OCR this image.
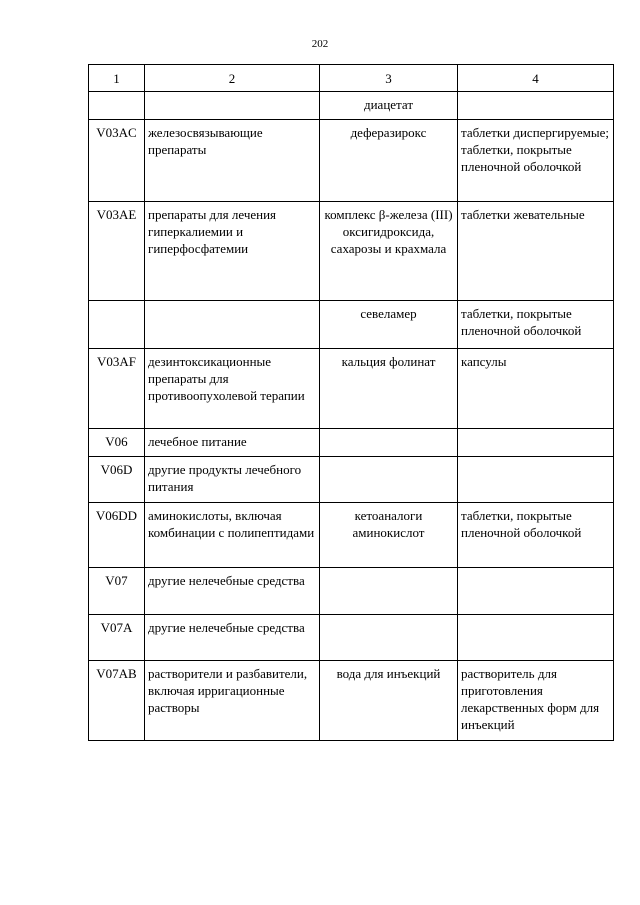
202
1	2	3	4
		диацетат	
V03AC	железосвязывающие препараты	деферазирокс	таблетки диспергируемые; таблетки, покрытые пленочной оболочкой
V03AE	препараты для лечения гиперкалиемии и гиперфосфатемии	комплекс β-железа (III) оксигидроксида, сахарозы и крахмала	таблетки жевательные
		севеламер	таблетки, покрытые пленочной оболочкой
V03AF	дезинтоксикационные препараты для противоопухолевой терапии	кальция фолинат	капсулы
V06	лечебное питание		
V06D	другие продукты лечебного питания		
V06DD	аминокислоты, включая комбинации с полипептидами	кетоаналоги аминокислот	таблетки, покрытые пленочной оболочкой
V07	другие нелечебные средства		
V07A	другие нелечебные средства		
V07AB	растворители и разбавители, включая ирригационные растворы	вода для инъекций	растворитель для приготовления лекарственных форм для инъекций
